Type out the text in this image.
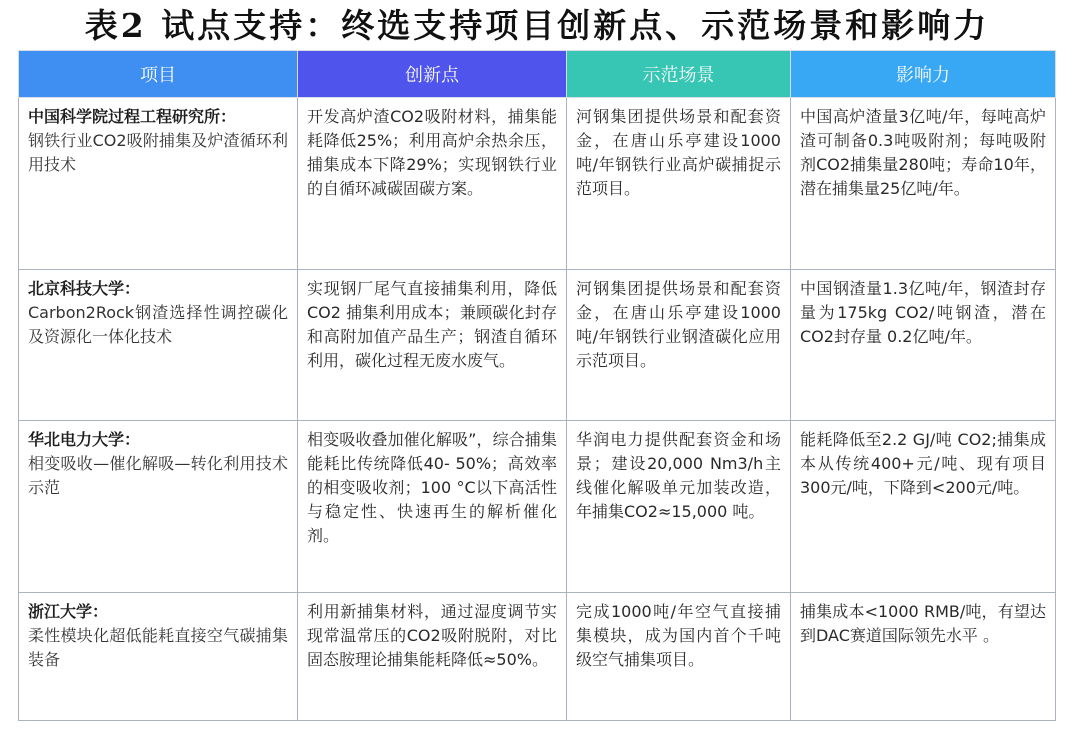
表2 试点支持：终选支持项目创新点、示范场景和影响力
项目	创新点	示范场景	影响力

中国科学院过程工程研究所：
钢铁行业CO2吸附捕集及炉渣循环利用技术	开发高炉渣CO2吸附材料，捕集能耗降低25%；利用高炉余热余压，捕集成本下降29%；实现钢铁行业的自循环减碳固碳方案。	河钢集团提供场景和配套资金，在唐山乐亭建设1000吨/年钢铁行业高炉碳捕捉示范项目。	中国高炉渣量3亿吨/年，每吨高炉渣可制备0.3吨吸附剂；每吨吸附剂CO2捕集量280吨；寿命10年，潜在捕集量25亿吨/年。

北京科技大学：
Carbon2Rock钢渣选择性调控碳化及资源化一体化技术	实现钢厂尾气直接捕集利用，降低CO2 捕集利用成本；兼顾碳化封存和高附加值产品生产；钢渣自循环利用，碳化过程无废水废气。	河钢集团提供场景和配套资金，在唐山乐亭建设1000吨/年钢铁行业钢渣碳化应用示范项目。	中国钢渣量1.3亿吨/年，钢渣封存量为175kg CO2/吨钢渣，潜在CO2封存量 0.2亿吨/年。

华北电力大学：
相变吸收—催化解吸—转化利用技术示范	相变吸收叠加催化解吸”，综合捕集能耗比传统降低40- 50%；高效率的相变吸收剂；100 °C以下高活性与稳定性、快速再生的解析催化剂。	华润电力提供配套资金和场景；建设20,000 Nm3/h主线催化解吸单元加装改造，年捕集CO2≈15,000 吨。	能耗降低至2.2 GJ/吨 CO2;捕集成本从传统400+元/吨、现有项目300元/吨，下降到<200元/吨。

浙江大学：
柔性模块化超低能耗直接空气碳捕集装备	利用新捕集材料，通过湿度调节实现常温常压的CO2吸附脱附，对比固态胺理论捕集能耗降低≈50%。	完成1000吨/年空气直接捕集模块，成为国内首个千吨级空气捕集项目。	捕集成本<1000 RMB/吨，有望达到DAC赛道国际领先水平 。
